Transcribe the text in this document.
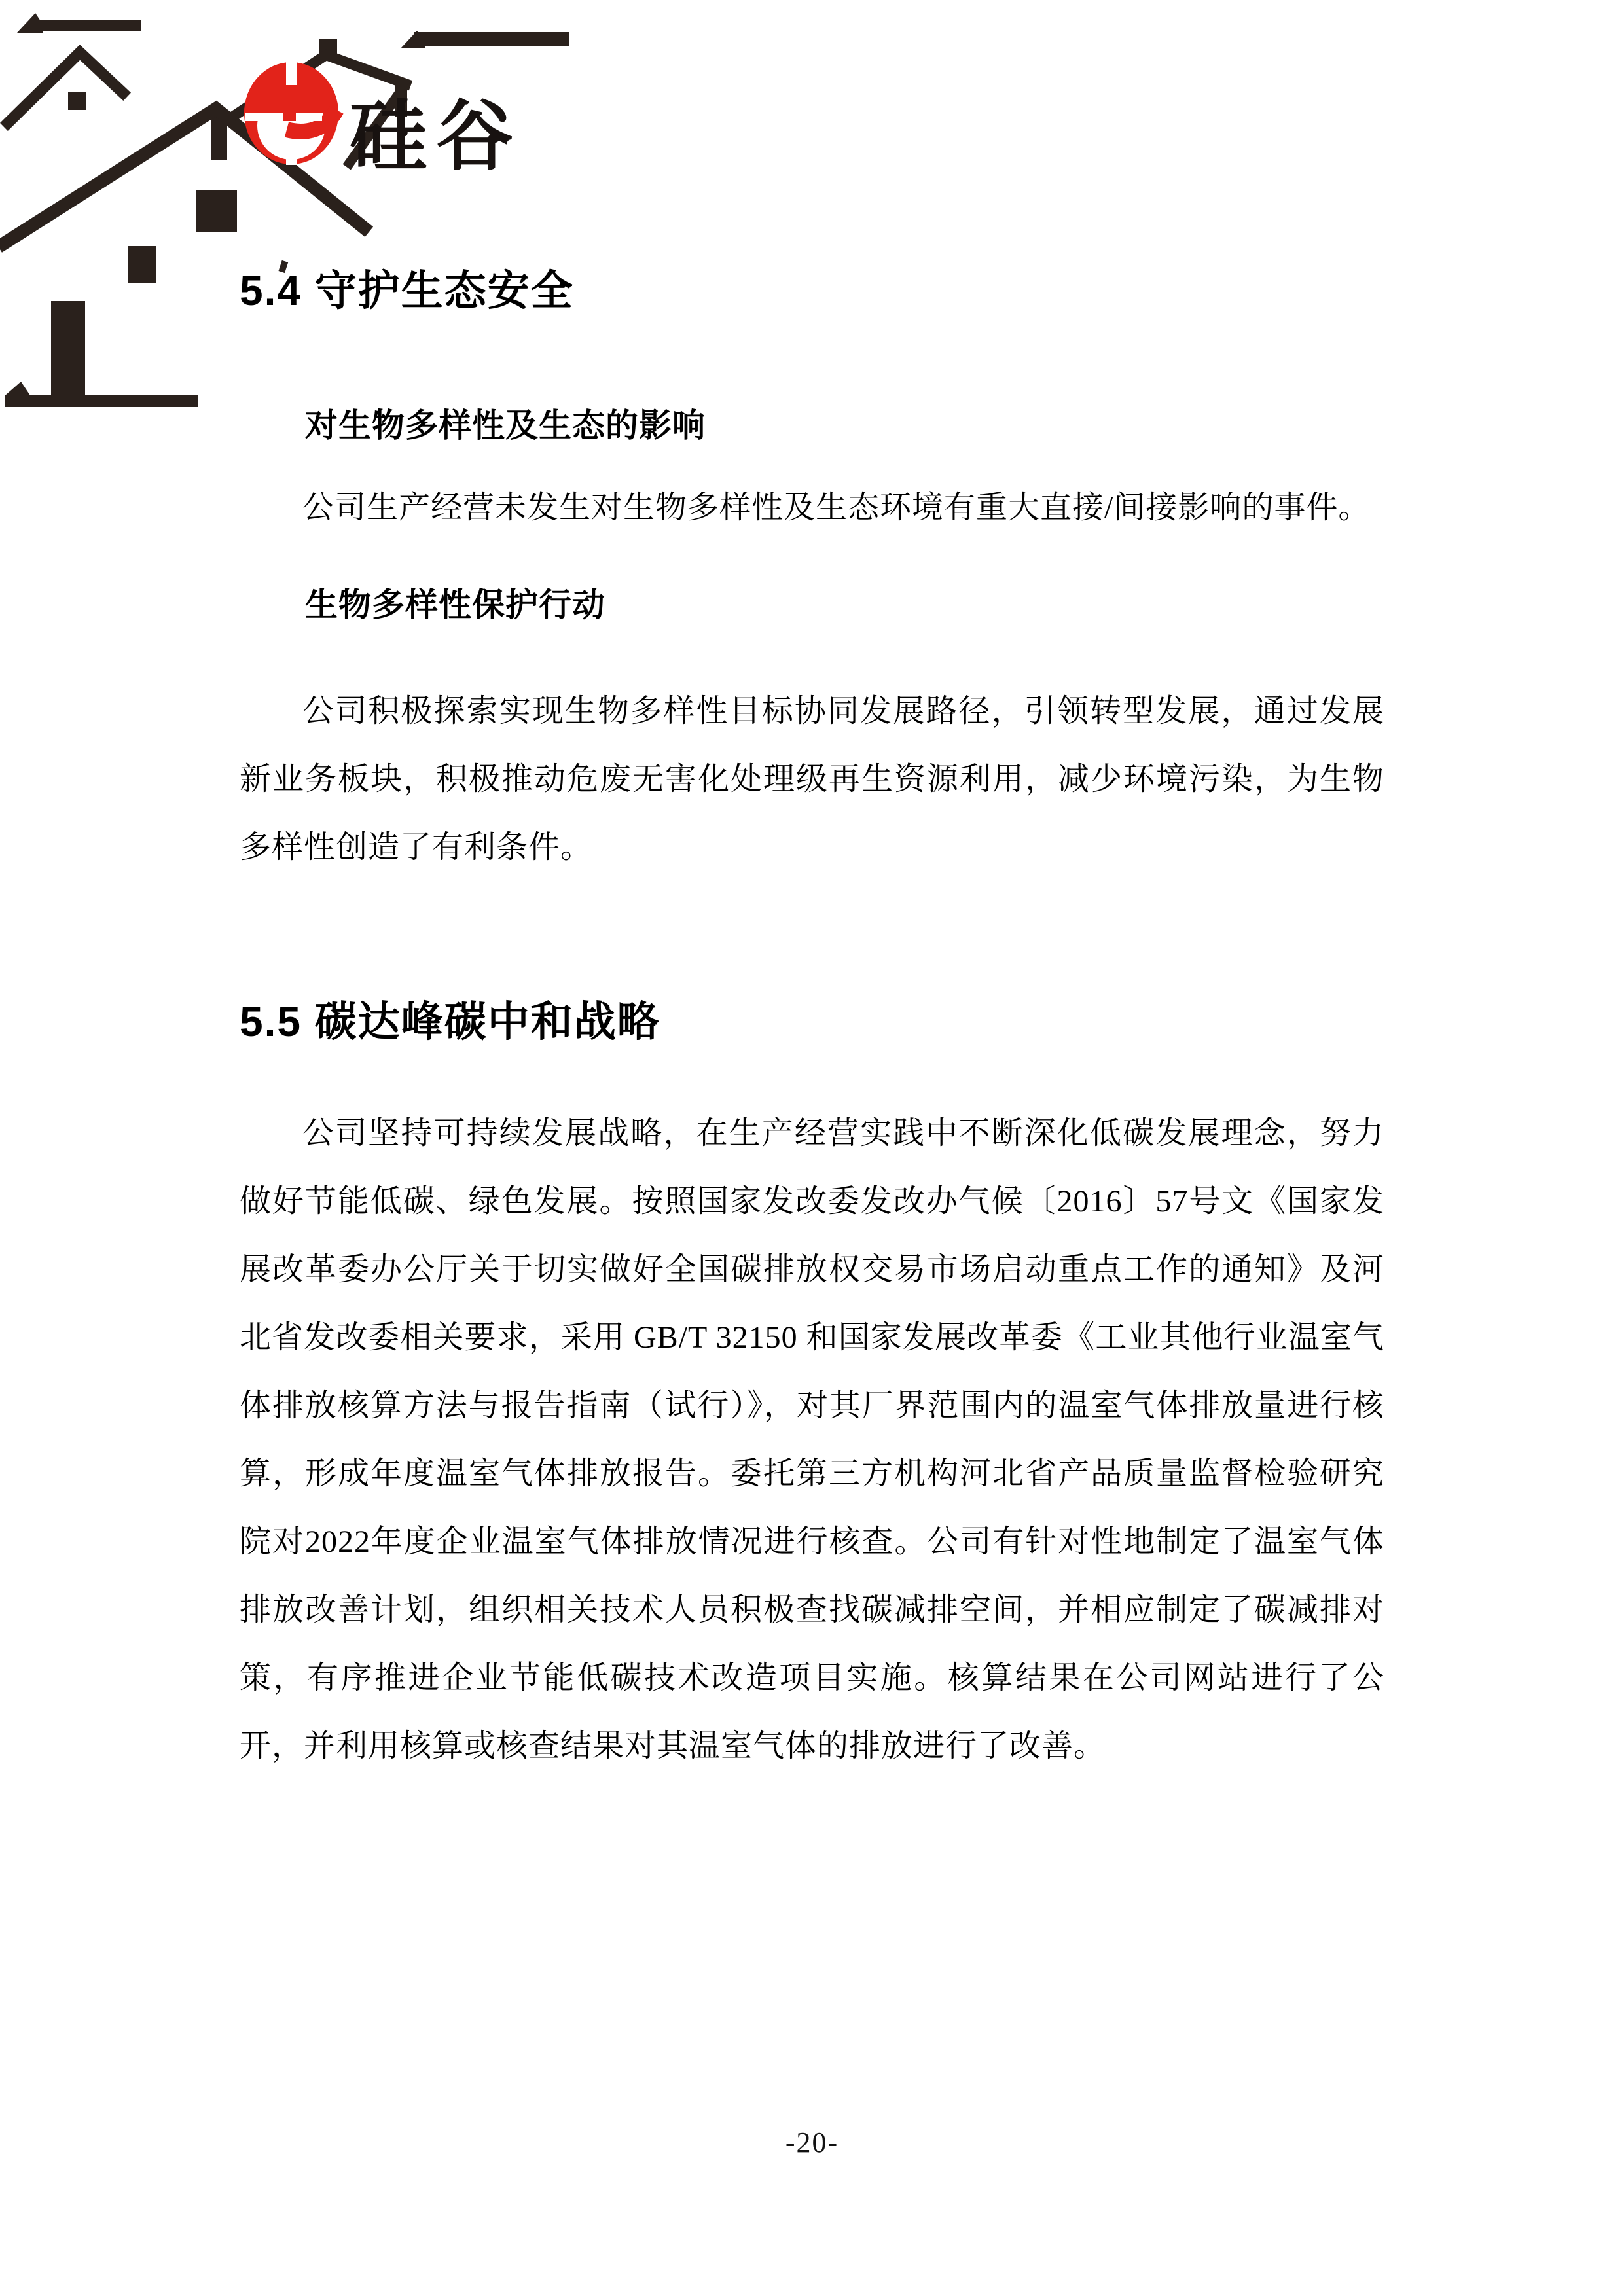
硅谷
5.4 守护生态安全
对生物多样性及生态的影响

公司生产经营未发生对生物多样性及生态环境有重大直接/间接影响的事件。

生物多样性保护行动

公司积极探索实现生物多样性目标协同发展路径，引领转型发展，通过发展新业务板块，积极推动危废无害化处理级再生资源利用，减少环境污染，为生物多样性创造了有利条件。

5.5 碳达峰碳中和战略

公司坚持可持续发展战略，在生产经营实践中不断深化低碳发展理念，努力做好节能低碳、绿色发展。按照国家发改委发改办气候〔2016〕57号文《国家发展改革委办公厅关于切实做好全国碳排放权交易市场启动重点工作的通知》及河北省发改委相关要求，采用 GB/T 32150 和国家发展改革委《工业其他行业温室气体排放核算方法与报告指南（试行）》，对其厂界范围内的温室气体排放量进行核算，形成年度温室气体排放报告。委托第三方机构河北省产品质量监督检验研究院对2022年度企业温室气体排放情况进行核查。公司有针对性地制定了温室气体排放改善计划，组织相关技术人员积极查找碳减排空间，并相应制定了碳减排对策，有序推进企业节能低碳技术改造项目实施。核算结果在公司网站进行了公开，并利用核算或核查结果对其温室气体的排放进行了改善。

-20-
